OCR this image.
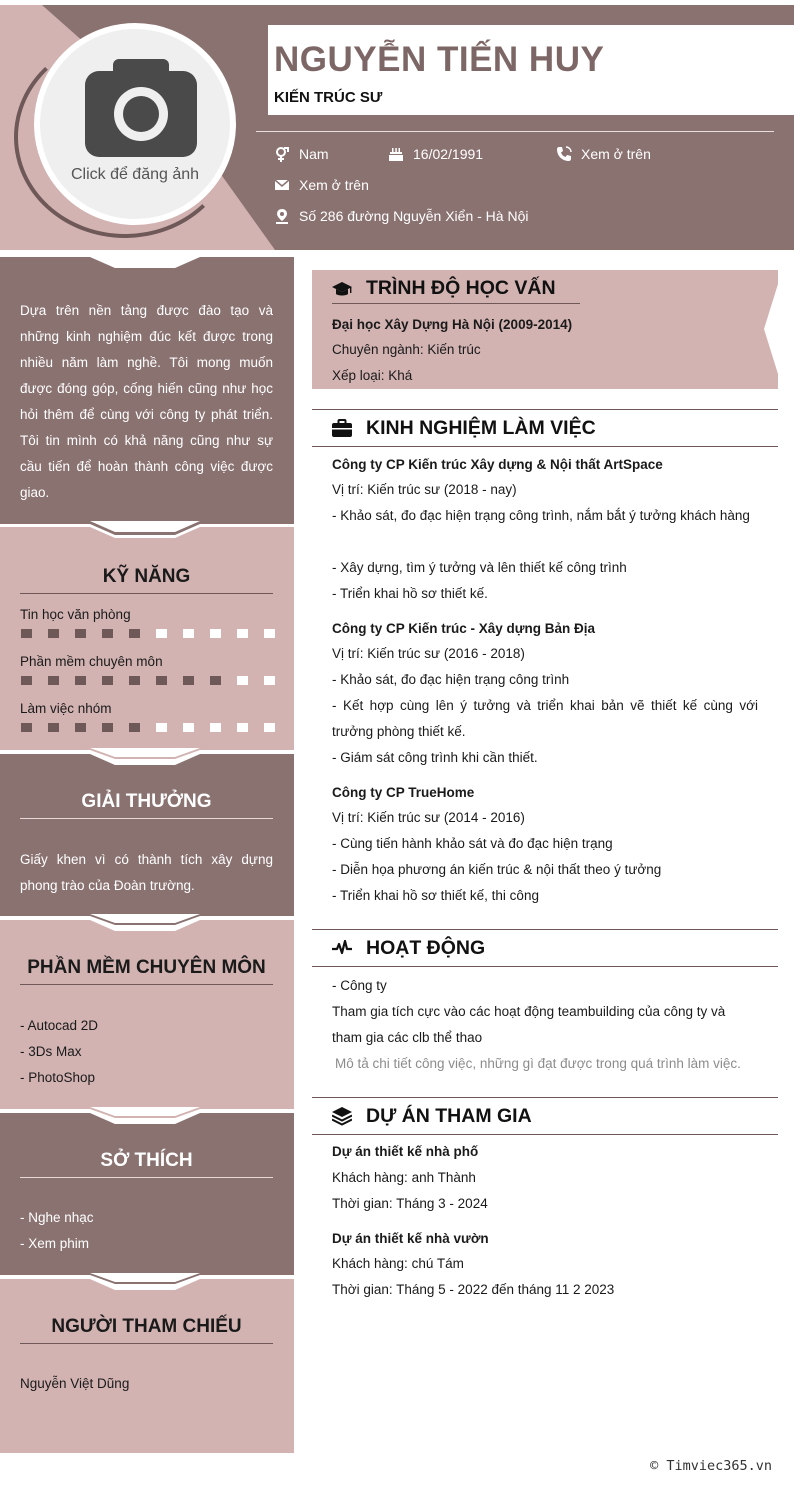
NGUYỄN TIẾN HUY
KIẾN TRÚC SƯ
Nam	16/02/1991	Xem ở trên
Xem ở trên
Số 286 đường Nguyễn Xiển - Hà Nội
Click để đăng ảnh
Dựa trên nền tảng được đào tạo và những kinh nghiệm đúc kết được trong nhiều năm làm nghề. Tôi mong muốn được đóng góp, cống hiến cũng như học hỏi thêm để cùng với công ty phát triển. Tôi tin mình có khả năng cũng như sự cầu tiến để hoàn thành công việc được giao.
KỸ NĂNG
Tin học văn phòng
Phần mềm chuyên môn
Làm việc nhóm
GIẢI THƯỞNG
Giấy khen vì có thành tích xây dựng phong trào của Đoàn trường.
PHẦN MỀM CHUYÊN MÔN
- Autocad 2D
- 3Ds Max
- PhotoShop
SỞ THÍCH
- Nghe nhạc
- Xem phim
NGƯỜI THAM CHIẾU
Nguyễn Việt Dũng
TRÌNH ĐỘ HỌC VẤN
Đại học Xây Dựng Hà Nội (2009-2014)
Chuyên ngành: Kiến trúc
Xếp loại: Khá
KINH NGHIỆM LÀM VIỆC
Công ty CP Kiến trúc Xây dựng & Nội thất ArtSpace
Vị trí: Kiến trúc sư (2018 - nay)
- Khảo sát, đo đạc hiện trạng công trình, nắm bắt ý tưởng khách hàng
- Xây dựng, tìm ý tưởng và lên thiết kế công trình
- Triển khai hồ sơ thiết kế.
Công ty CP Kiến trúc - Xây dựng Bản Địa
Vị trí: Kiến trúc sư (2016 - 2018)
- Khảo sát, đo đạc hiện trạng công trình
- Kết hợp cùng lên ý tưởng và triển khai bản vẽ thiết kế cùng với trưởng phòng thiết kế.
- Giám sát công trình khi cần thiết.
Công ty CP TrueHome
Vị trí: Kiến trúc sư (2014 - 2016)
- Cùng tiến hành khảo sát và đo đạc hiện trạng
- Diễn họa phương án kiến trúc & nội thất theo ý tưởng
- Triển khai hồ sơ thiết kế, thi công
HOẠT ĐỘNG
- Công ty
Tham gia tích cực vào các hoạt động teambuilding của công ty và tham gia các clb thể thao
Mô tả chi tiết công việc, những gì đạt được trong quá trình làm việc.
DỰ ÁN THAM GIA
Dự án thiết kế nhà phố
Khách hàng: anh Thành
Thời gian: Tháng 3 - 2024
Dự án thiết kế nhà vườn
Khách hàng: chú Tám
Thời gian: Tháng 5 - 2022 đến tháng 11 2 2023
© Timviec365.vn
